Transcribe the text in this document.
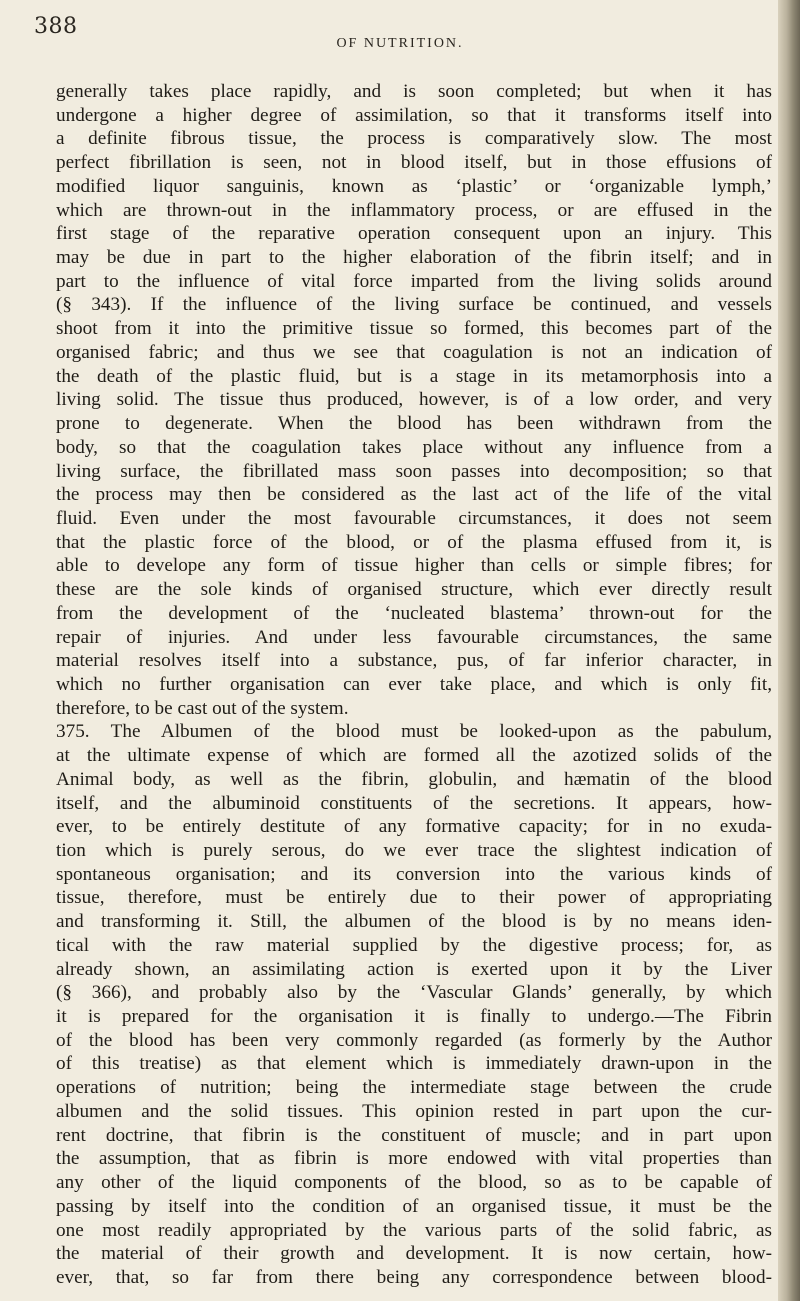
388
OF NUTRITION.
generally takes place rapidly, and is soon completed; but when it has
undergone a higher degree of assimilation, so that it transforms itself into
a definite fibrous tissue, the process is comparatively slow. The most
perfect fibrillation is seen, not in blood itself, but in those effusions of
modified liquor sanguinis, known as ‘plastic’ or ‘organizable lymph,’
which are thrown-out in the inflammatory process, or are effused in the
first stage of the reparative operation consequent upon an injury. This
may be due in part to the higher elaboration of the fibrin itself; and in
part to the influence of vital force imparted from the living solids around
(§ 343). If the influence of the living surface be continued, and vessels
shoot from it into the primitive tissue so formed, this becomes part of the
organised fabric; and thus we see that coagulation is not an indication of
the death of the plastic fluid, but is a stage in its metamorphosis into a
living solid. The tissue thus produced, however, is of a low order, and very
prone to degenerate. When the blood has been withdrawn from the
body, so that the coagulation takes place without any influence from a
living surface, the fibrillated mass soon passes into decomposition; so that
the process may then be considered as the last act of the life of the vital
fluid. Even under the most favourable circumstances, it does not seem
that the plastic force of the blood, or of the plasma effused from it, is
able to develope any form of tissue higher than cells or simple fibres; for
these are the sole kinds of organised structure, which ever directly result
from the development of the ‘nucleated blastema’ thrown-out for the
repair of injuries. And under less favourable circumstances, the same
material resolves itself into a substance, pus, of far inferior character, in
which no further organisation can ever take place, and which is only fit,
therefore, to be cast out of the system.
375. The Albumen of the blood must be looked-upon as the pabulum,
at the ultimate expense of which are formed all the azotized solids of the
Animal body, as well as the fibrin, globulin, and hæmatin of the blood
itself, and the albuminoid constituents of the secretions. It appears, how-
ever, to be entirely destitute of any formative capacity; for in no exuda-
tion which is purely serous, do we ever trace the slightest indication of
spontaneous organisation; and its conversion into the various kinds of
tissue, therefore, must be entirely due to their power of appropriating
and transforming it. Still, the albumen of the blood is by no means iden-
tical with the raw material supplied by the digestive process; for, as
already shown, an assimilating action is exerted upon it by the Liver
(§ 366), and probably also by the ‘Vascular Glands’ generally, by which
it is prepared for the organisation it is finally to undergo.—The Fibrin
of the blood has been very commonly regarded (as formerly by the Author
of this treatise) as that element which is immediately drawn-upon in the
operations of nutrition; being the intermediate stage between the crude
albumen and the solid tissues. This opinion rested in part upon the cur-
rent doctrine, that fibrin is the constituent of muscle; and in part upon
the assumption, that as fibrin is more endowed with vital properties than
any other of the liquid components of the blood, so as to be capable of
passing by itself into the condition of an organised tissue, it must be the
one most readily appropriated by the various parts of the solid fabric, as
the material of their growth and development. It is now certain, how-
ever, that, so far from there being any correspondence between blood-
